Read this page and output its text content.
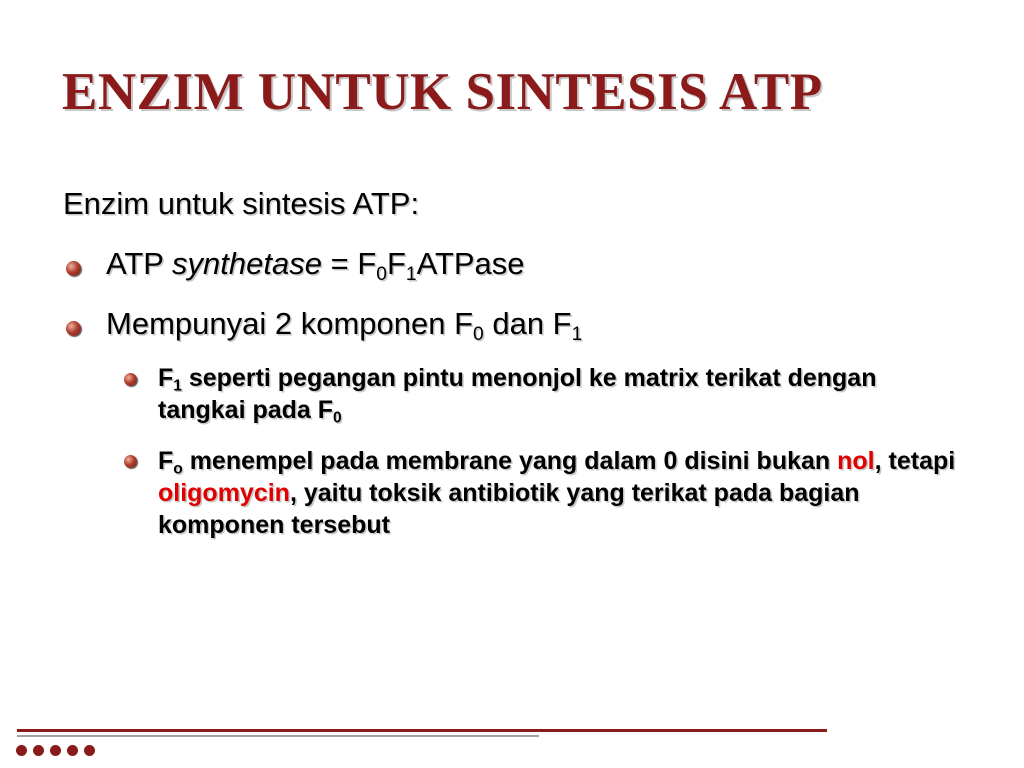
ENZIM UNTUK SINTESIS ATP
Enzim untuk sintesis ATP:
ATP synthetase = $F_0F_1ATPase$
Mempunyai 2 komponen $F_0$ dan $F_1$
$F_1$ seperti pegangan pintu menonjol ke matrix terikat dengan tangkai pada $F_0$
$F_o$ menempel pada membrane yang dalam 0 disini bukan nol, tetapi oligomycin, yaitu toksik antibiotik yang terikat pada bagian komponen tersebut
